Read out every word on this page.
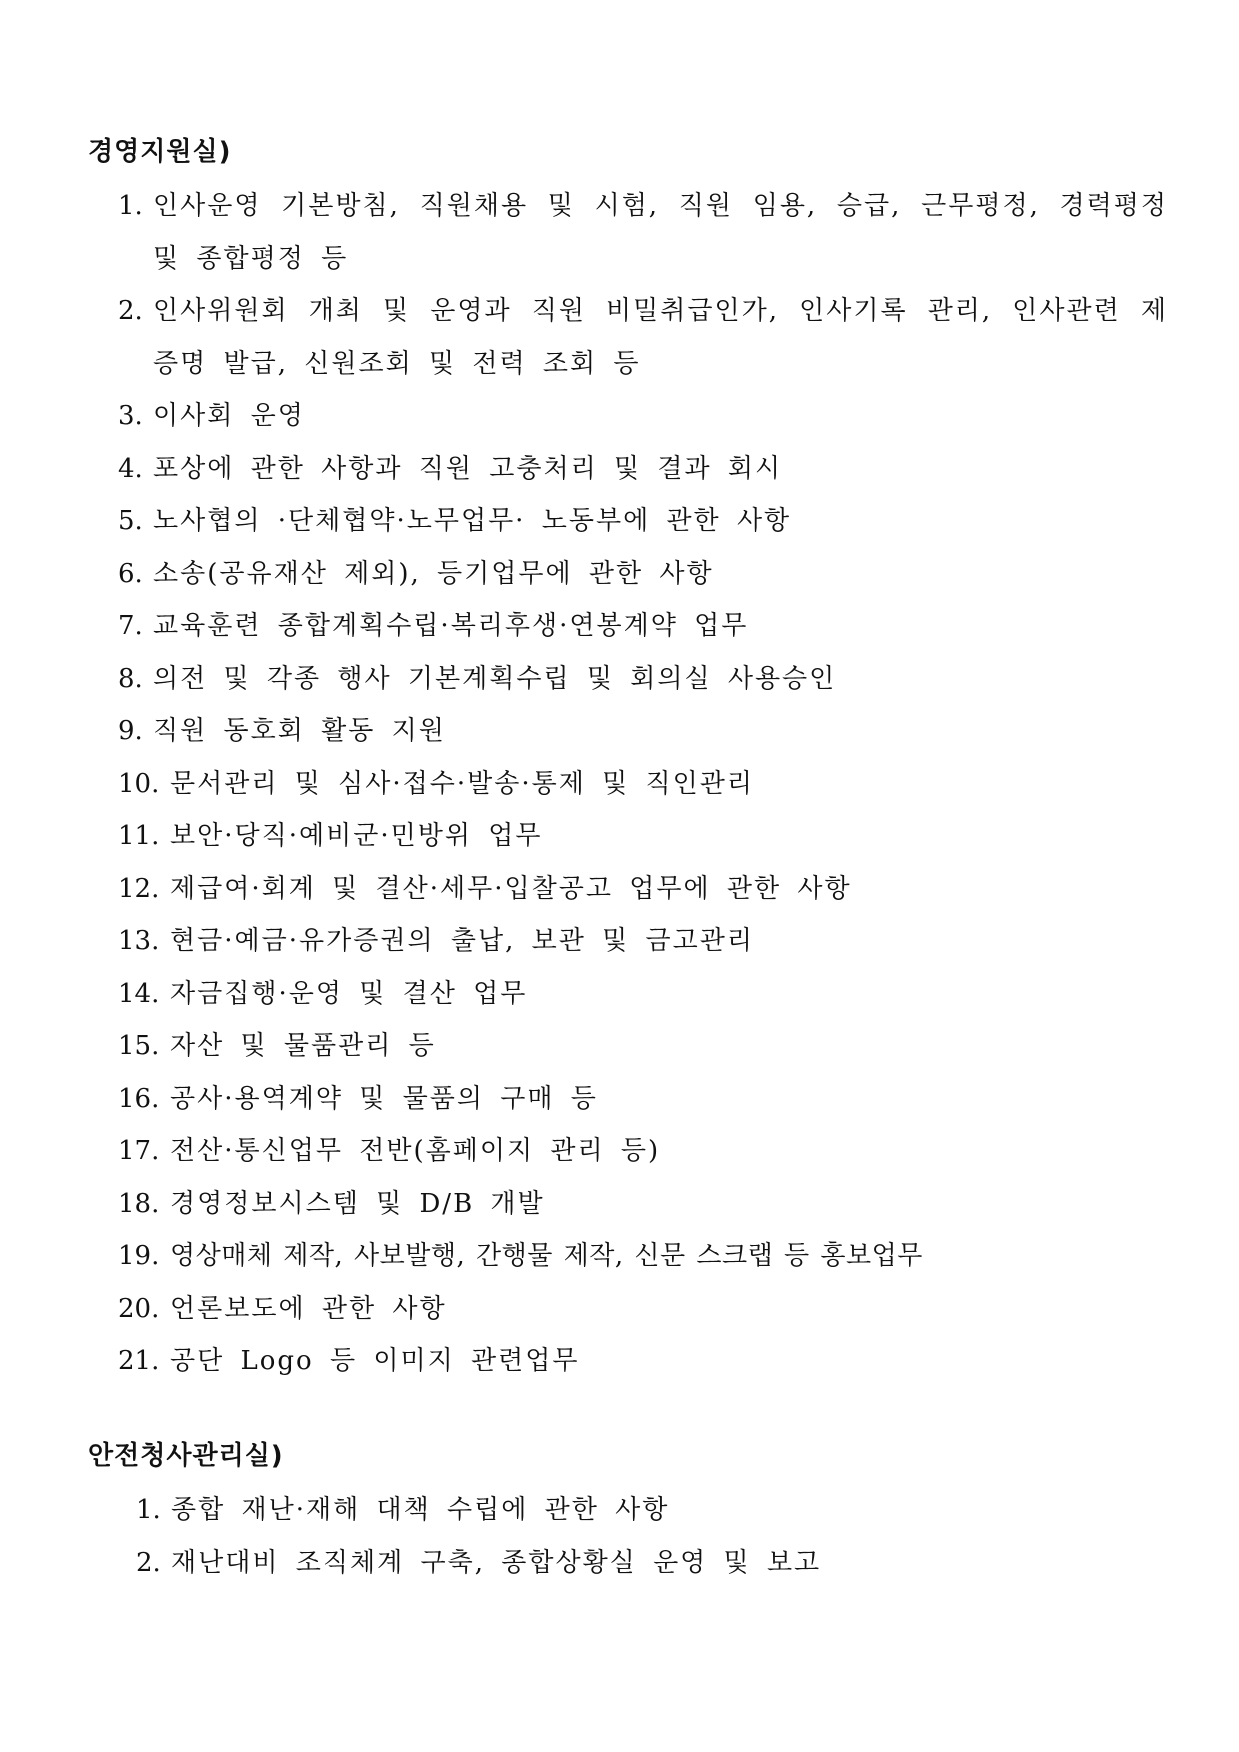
경영지원실)
1. 인사운영 기본방침, 직원채용 및 시험, 직원 임용, 승급, 근무평정, 경력평정 및 종합평정 등
2. 인사위원회 개최 및 운영과 직원 비밀취급인가, 인사기록 관리, 인사관련 제 증명 발급, 신원조회 및 전력 조회 등
3. 이사회 운영
4. 포상에 관한 사항과 직원 고충처리 및 결과 회시
5. 노사협의 ·단체협약·노무업무· 노동부에 관한 사항
6. 소송(공유재산 제외), 등기업무에 관한 사항
7. 교육훈련 종합계획수립·복리후생·연봉계약 업무
8. 의전 및 각종 행사 기본계획수립 및 회의실 사용승인
9. 직원 동호회 활동 지원
10. 문서관리 및 심사·접수·발송·통제 및 직인관리
11. 보안·당직·예비군·민방위 업무
12. 제급여·회계 및 결산·세무·입찰공고 업무에 관한 사항
13. 현금·예금·유가증권의 출납, 보관 및 금고관리
14. 자금집행·운영 및 결산 업무
15. 자산 및 물품관리 등
16. 공사·용역계약 및 물품의 구매 등
17. 전산·통신업무 전반(홈페이지 관리 등)
18. 경영정보시스템 및 D/B 개발
19. 영상매체 제작, 사보발행, 간행물 제작, 신문 스크랩 등 홍보업무
20. 언론보도에 관한 사항
21. 공단 Logo 등 이미지 관련업무
안전청사관리실)
1. 종합 재난·재해 대책 수립에 관한 사항
2. 재난대비 조직체계 구축, 종합상황실 운영 및 보고
